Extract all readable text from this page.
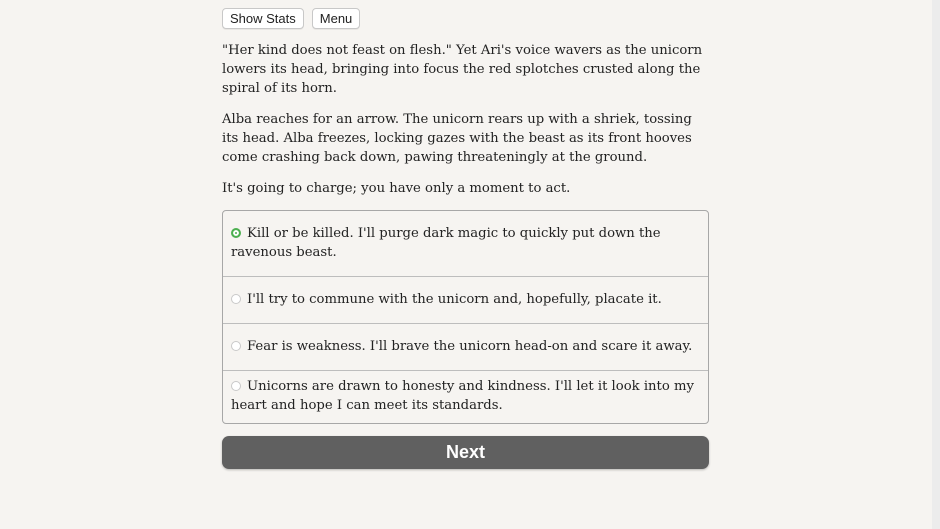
Show Stats	Menu

"Her kind does not feast on flesh." Yet Ari's voice wavers as the unicorn lowers its head, bringing into focus the red splotches crusted along the spiral of its horn.

Alba reaches for an arrow. The unicorn rears up with a shriek, tossing its head. Alba freezes, locking gazes with the beast as its front hooves come crashing back down, pawing threateningly at the ground.

It's going to charge; you have only a moment to act.

Kill or be killed. I'll purge dark magic to quickly put down the ravenous beast.
I'll try to commune with the unicorn and, hopefully, placate it.
Fear is weakness. I'll brave the unicorn head-on and scare it away.
Unicorns are drawn to honesty and kindness. I'll let it look into my heart and hope I can meet its standards.
Next
